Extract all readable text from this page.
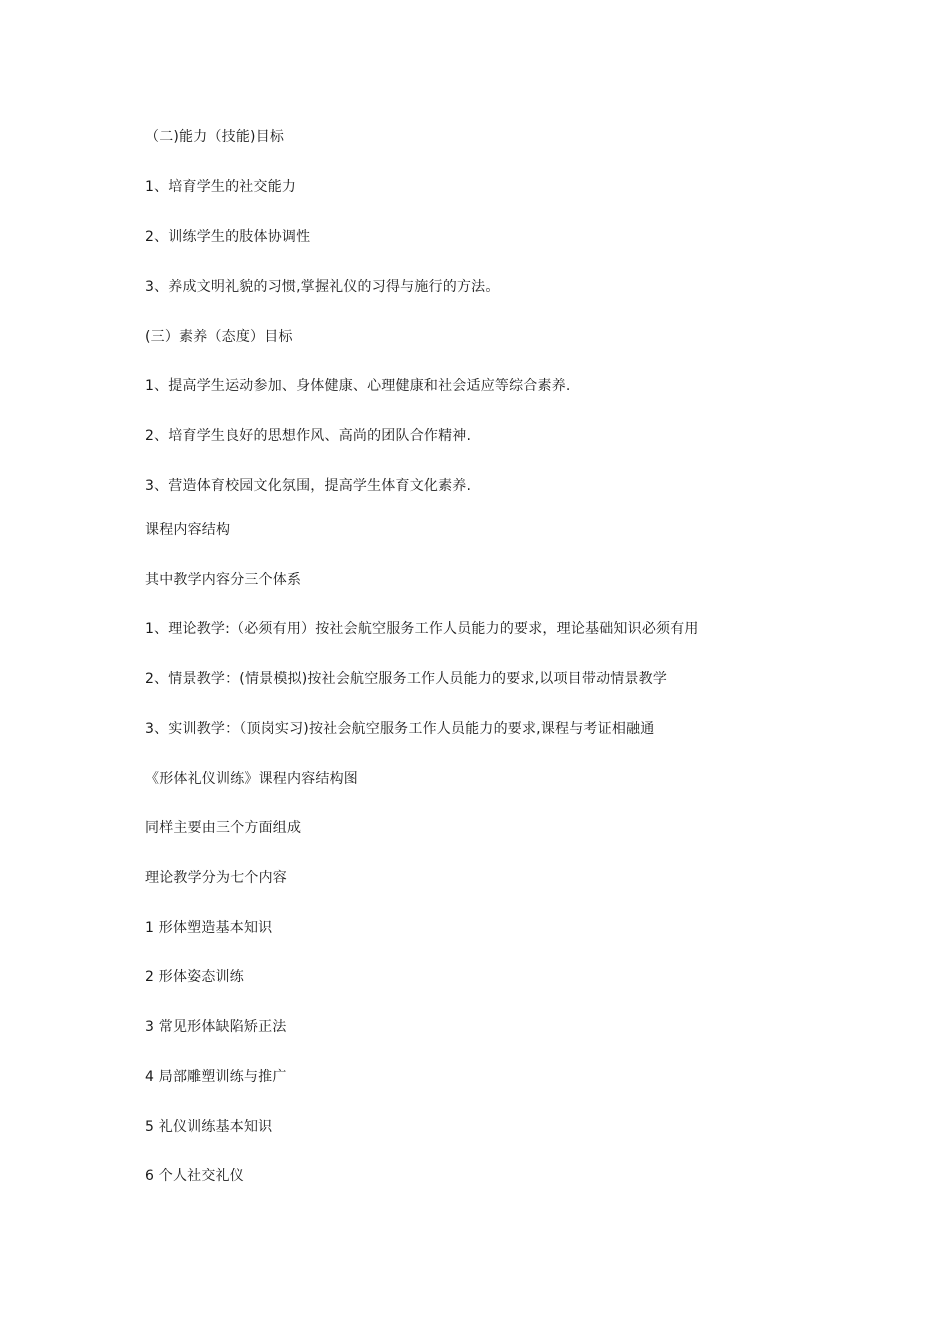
（二)能力（技能)目标
1、培育学生的社交能力
2、训练学生的肢体协调性
3、养成文明礼貌的习惯,掌握礼仪的习得与施行的方法。
(三）素养（态度）目标
1、提高学生运动参加、身体健康、心理健康和社会适应等综合素养.
2、培育学生良好的思想作风、高尚的团队合作精神.
3、营造体育校园文化氛围，提高学生体育文化素养.
课程内容结构
其中教学内容分三个体系
1、理论教学:（必须有用）按社会航空服务工作人员能力的要求，理论基础知识必须有用
2、情景教学：(情景模拟)按社会航空服务工作人员能力的要求,以项目带动情景教学
3、实训教学：（顶岗实习)按社会航空服务工作人员能力的要求,课程与考证相融通
《形体礼仪训练》课程内容结构图
同样主要由三个方面组成
理论教学分为七个内容
1 形体塑造基本知识
2 形体姿态训练
3 常见形体缺陷矫正法
4 局部雕塑训练与推广
5 礼仪训练基本知识
6 个人社交礼仪
